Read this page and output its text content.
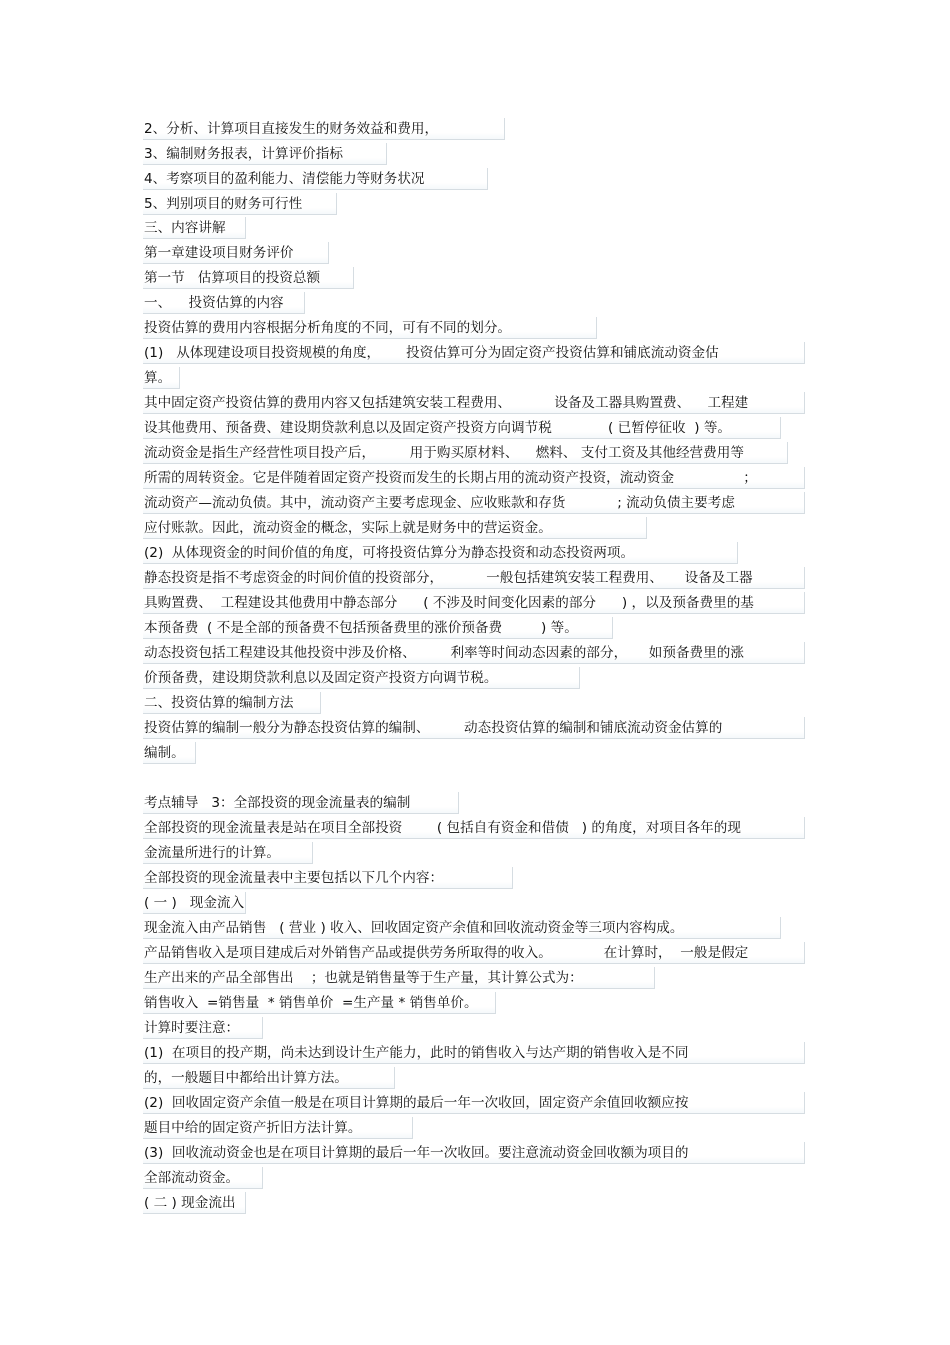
2、分析、计算项目直接发生的财务效益和费用，
3、编制财务报表，计算评价指标
4、考察项目的盈利能力、清偿能力等财务状况
5、判别项目的财务可行性
三、内容讲解
第一章建设项目财务评价
第一节   估算项目的投资总额
一、    投资估算的内容
投资估算的费用内容根据分析角度的不同，可有不同的划分。
(1)   从体现建设项目投资规模的角度，      投资估算可分为固定资产投资估算和铺底流动资金估
算。
其中固定资产投资估算的费用内容又包括建筑安装工程费用、          设备及工器具购置费、    工程建
设其他费用、预备费、建设期贷款利息以及固定资产投资方向调节税             ( 已暂停征收  ) 等。
流动资金是指生产经营性项目投产后，        用于购买原材料、    燃料、 支付工资及其他经营费用等
所需的周转资金。它是伴随着固定资产投资而发生的长期占用的流动资产投资，流动资金                ；
流动资产—流动负债。其中，流动资产主要考虑现金、应收账款和存货            ; 流动负债主要考虑
应付账款。因此，流动资金的概念，实际上就是财务中的营运资金。
(2)  从体现资金的时间价值的角度，可将投资估算分为静态投资和动态投资两项。
静态投资是指不考虑资金的时间价值的投资部分，          一般包括建筑安装工程费用、     设备及工器
具购置费、  工程建设其他费用中静态部分      ( 不涉及时间变化因素的部分      ) ，以及预备费里的基
本预备费  ( 不是全部的预备费不包括预备费里的涨价预备费         ) 等。
动态投资包括工程建设其他投资中涉及价格、        利率等时间动态因素的部分，     如预备费里的涨
价预备费，建设期贷款利息以及固定资产投资方向调节税。
二、投资估算的编制方法
投资估算的编制一般分为静态投资估算的编制、        动态投资估算的编制和铺底流动资金估算的
编制。
考点辅导   3：全部投资的现金流量表的编制
全部投资的现金流量表是站在项目全部投资        ( 包括自有资金和借债   ) 的角度，对项目各年的现
金流量所进行的计算。
全部投资的现金流量表中主要包括以下几个内容：
( 一 )   现金流入
现金流入由产品销售   ( 营业 ) 收入、回收固定资产余值和回收流动资金等三项内容构成。
产品销售收入是项目建成后对外销售产品或提供劳务所取得的收入。            在计算时，  一般是假定
生产出来的产品全部售出    ；也就是销售量等于生产量，其计算公式为：
销售收入  =销售量  * 销售单价  =生产量 * 销售单价。
计算时要注意：
(1)  在项目的投产期，尚未达到设计生产能力，此时的销售收入与达产期的销售收入是不同
的，一般题目中都给出计算方法。
(2)  回收固定资产余值一般是在项目计算期的最后一年一次收回，固定资产余值回收额应按
题目中给的固定资产折旧方法计算。
(3)  回收流动资金也是在项目计算期的最后一年一次收回。要注意流动资金回收额为项目的
全部流动资金。
( 二 ) 现金流出
